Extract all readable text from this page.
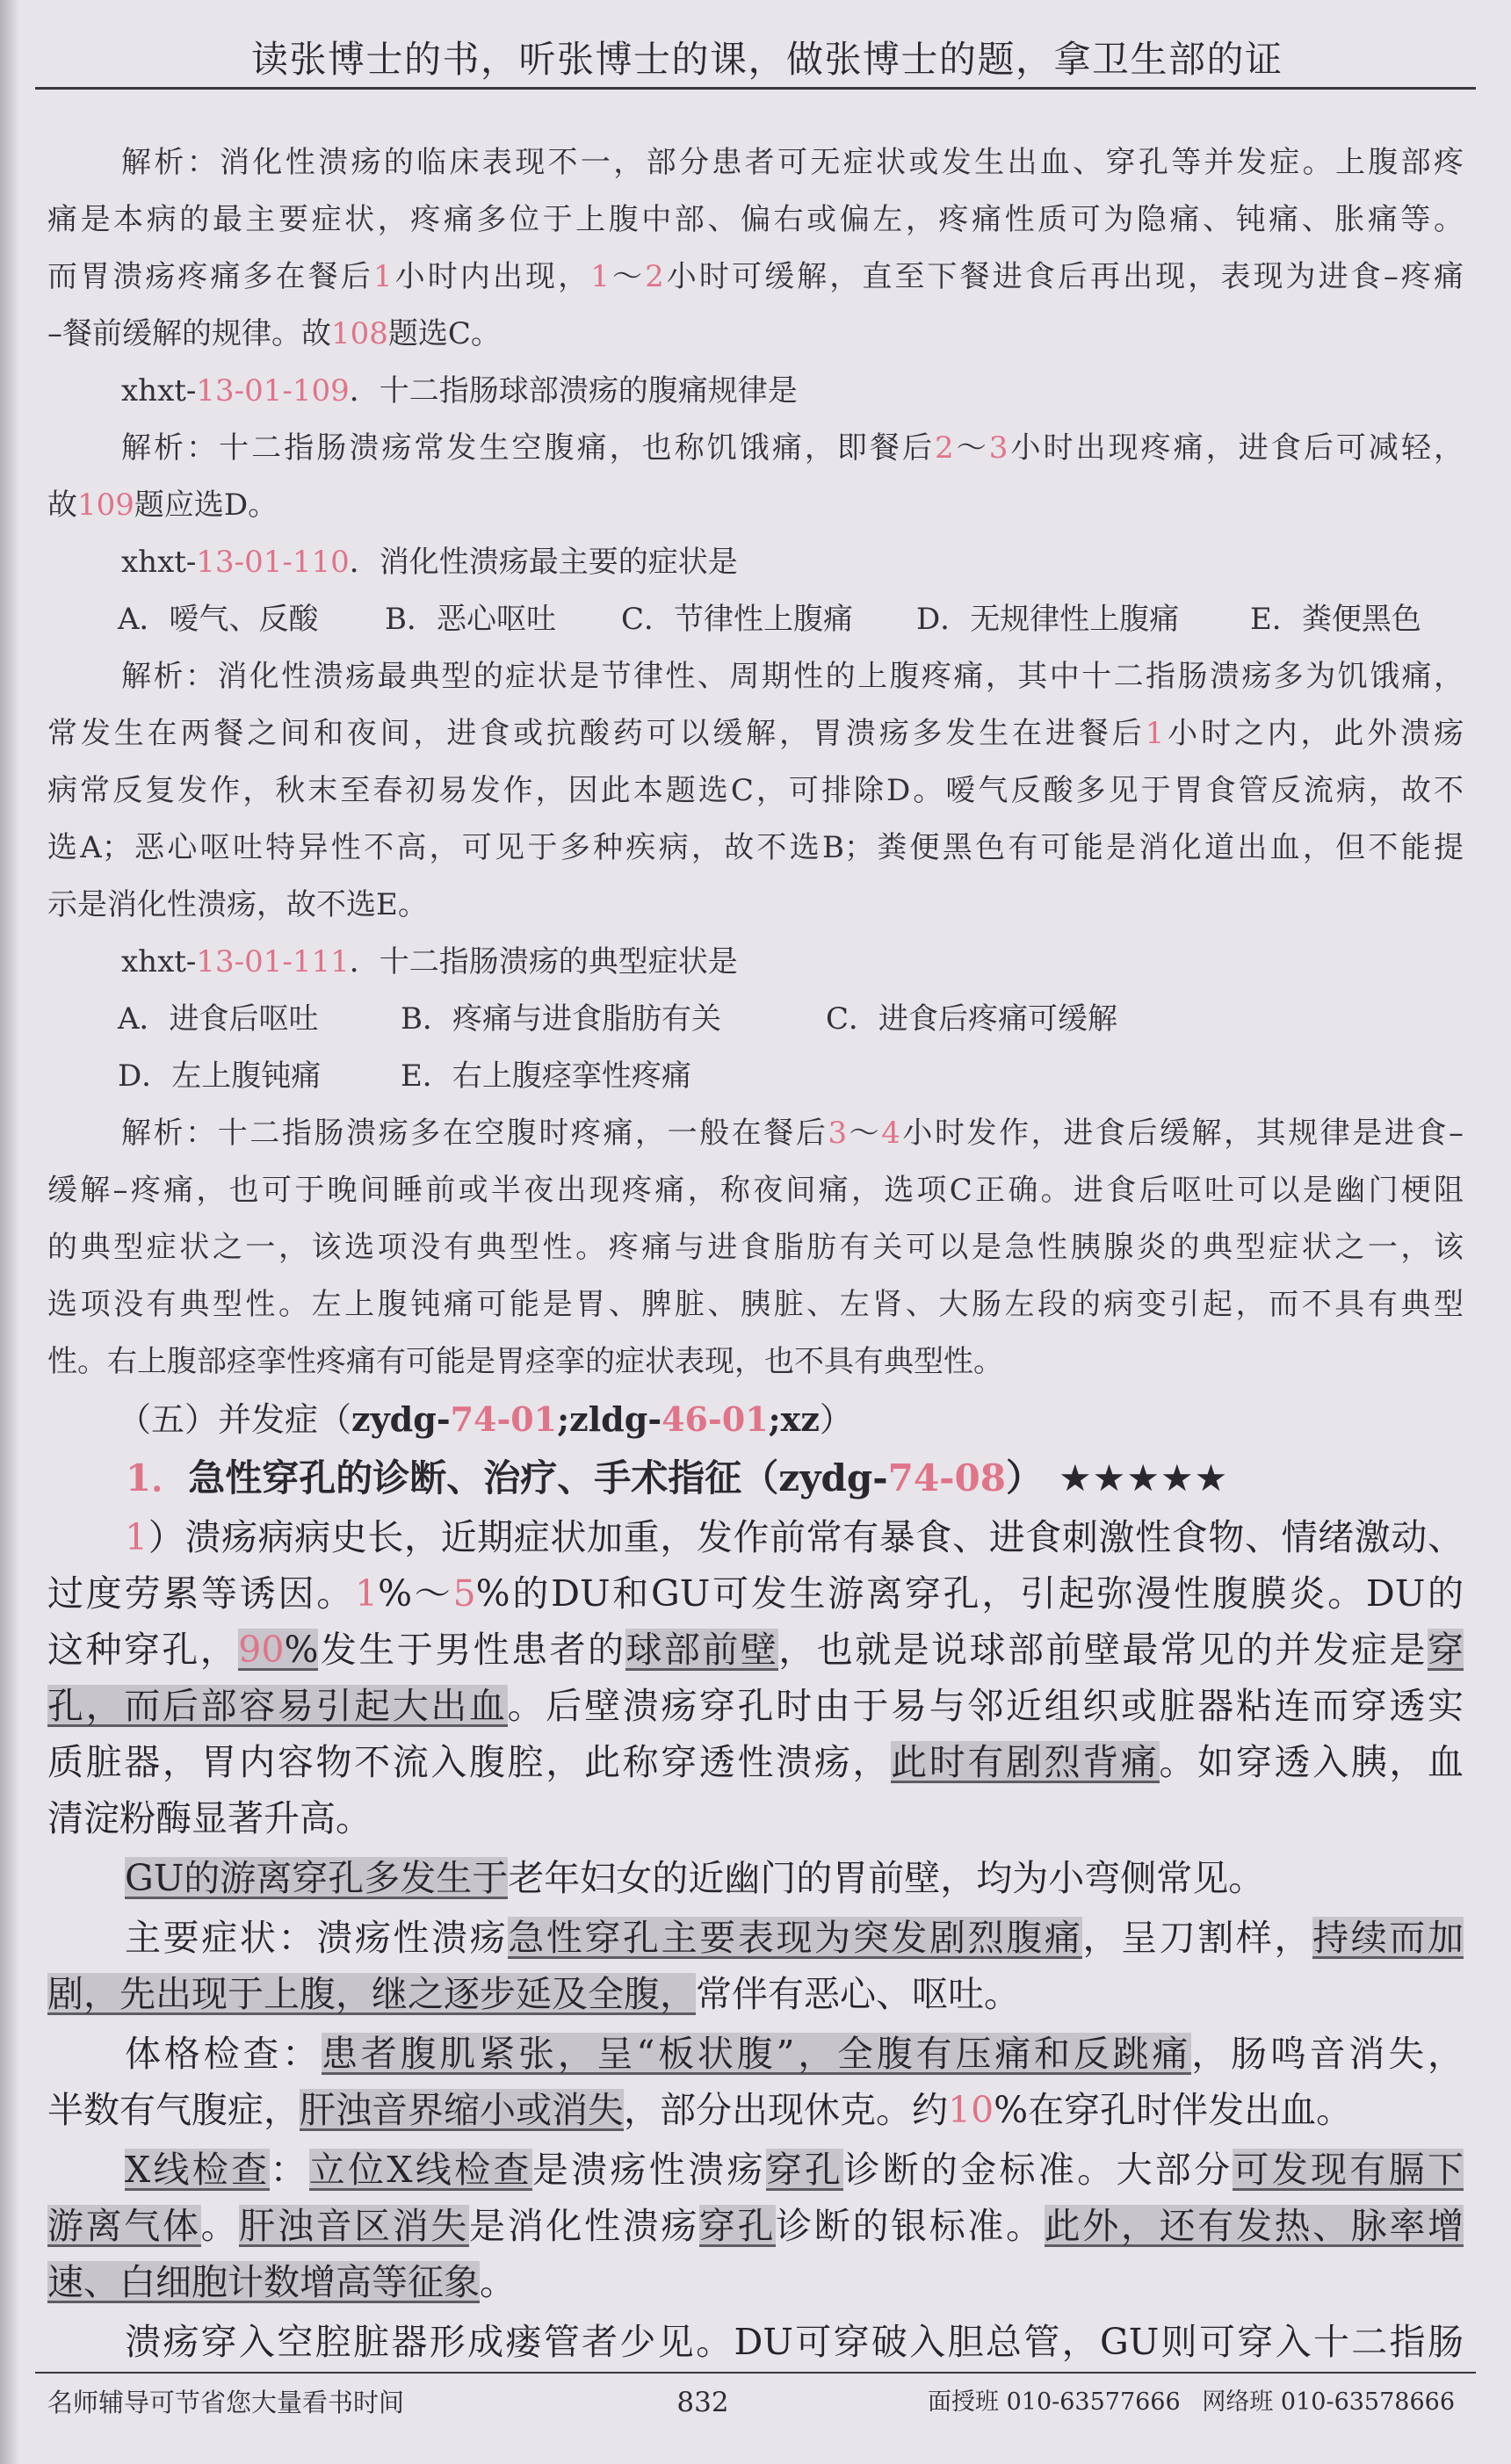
读张博士的书，听张博士的课，做张博士的题，拿卫生部的证
解析：消化性溃疡的临床表现不一，部分患者可无症状或发生出血、穿孔等并发症。上腹部疼
痛是本病的最主要症状，疼痛多位于上腹中部、偏右或偏左，疼痛性质可为隐痛、钝痛、胀痛等。
而胃溃疡疼痛多在餐后1小时内出现，1～2小时可缓解，直至下餐进食后再出现，表现为进食–疼痛
–餐前缓解的规律。故108题选C。
xhxt-13-01-109．十二指肠球部溃疡的腹痛规律是
解析：十二指肠溃疡常发生空腹痛，也称饥饿痛，即餐后2～3小时出现疼痛，进食后可减轻，
故109题应选D。
xhxt-13-01-110．消化性溃疡最主要的症状是
A．嗳气、反酸	B．恶心呕吐	C．节律性上腹痛	D．无规律性上腹痛	E．粪便黑色
解析：消化性溃疡最典型的症状是节律性、周期性的上腹疼痛，其中十二指肠溃疡多为饥饿痛，
常发生在两餐之间和夜间，进食或抗酸药可以缓解，胃溃疡多发生在进餐后1小时之内，此外溃疡
病常反复发作，秋末至春初易发作，因此本题选C，可排除D。嗳气反酸多见于胃食管反流病，故不
选A；恶心呕吐特异性不高，可见于多种疾病，故不选B；粪便黑色有可能是消化道出血，但不能提
示是消化性溃疡，故不选E。
xhxt-13-01-111．十二指肠溃疡的典型症状是
A．进食后呕吐	B．疼痛与进食脂肪有关	C．进食后疼痛可缓解
D．左上腹钝痛	E．右上腹痉挛性疼痛
解析：十二指肠溃疡多在空腹时疼痛，一般在餐后3～4小时发作，进食后缓解，其规律是进食–
缓解–疼痛，也可于晚间睡前或半夜出现疼痛，称夜间痛，选项C正确。进食后呕吐可以是幽门梗阻
的典型症状之一，该选项没有典型性。疼痛与进食脂肪有关可以是急性胰腺炎的典型症状之一，该
选项没有典型性。左上腹钝痛可能是胃、脾脏、胰脏、左肾、大肠左段的病变引起，而不具有典型
性。右上腹部痉挛性疼痛有可能是胃痉挛的症状表现，也不具有典型性。
（五）并发症（zydg-74-01;zldg-46-01;xz）
1．急性穿孔的诊断、治疗、手术指征（zydg-74-08） ★★★★★
1）溃疡病病史长，近期症状加重，发作前常有暴食、进食刺激性食物、情绪激动、
过度劳累等诱因。1%～5%的DU和GU可发生游离穿孔，引起弥漫性腹膜炎。DU的
这种穿孔，90%发生于男性患者的球部前壁，也就是说球部前壁最常见的并发症是穿
孔，而后部容易引起大出血。后壁溃疡穿孔时由于易与邻近组织或脏器粘连而穿透实
质脏器，胃内容物不流入腹腔，此称穿透性溃疡，此时有剧烈背痛。如穿透入胰，血
清淀粉酶显著升高。
GU的游离穿孔多发生于老年妇女的近幽门的胃前壁，均为小弯侧常见。
主要症状：溃疡性溃疡急性穿孔主要表现为突发剧烈腹痛，呈刀割样，持续而加
剧，先出现于上腹，继之逐步延及全腹，常伴有恶心、呕吐。
体格检查：患者腹肌紧张，呈“板状腹”，全腹有压痛和反跳痛，肠鸣音消失，
半数有气腹症，肝浊音界缩小或消失，部分出现休克。约10%在穿孔时伴发出血。
X线检查：立位X线检查是溃疡性溃疡穿孔诊断的金标准。大部分可发现有膈下
游离气体。肝浊音区消失是消化性溃疡穿孔诊断的银标准。此外，还有发热、脉率增
速、白细胞计数增高等征象。
溃疡穿入空腔脏器形成瘘管者少见。DU可穿破入胆总管，GU则可穿入十二指肠
名师辅导可节省您大量看书时间	832	面授班 010-63577666 网络班 010-63578666
